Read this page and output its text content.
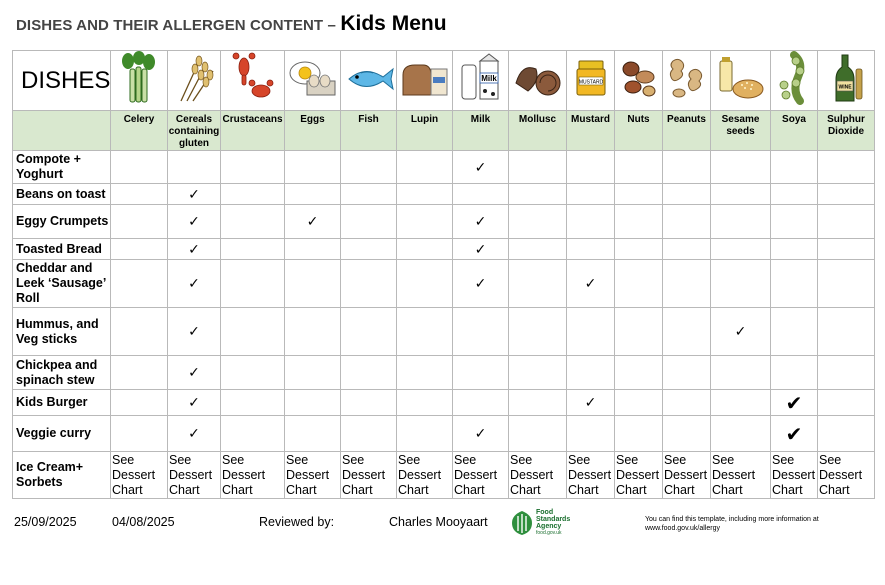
DISHES AND THEIR ALLERGEN CONTENT – Kids Menu
DISHES							Milk		MUSTARD					WINE

	Celery	Cereals containing gluten	Crustaceans	Eggs	Fish	Lupin	Milk	Mollusc	Mustard	Nuts	Peanuts	Sesame seeds	Soya	Sulphur Dioxide
Compote + Yoghurt							✓							
Beans on toast		✓												
Eggy Crumpets		✓		✓			✓							
Toasted Bread		✓					✓							
Cheddar and Leek ‘Sausage’ Roll		✓					✓		✓					
Hummus, and Veg sticks		✓										✓		
Chickpea and spinach stew		✓												
Kids Burger		✓							✓				✔	
Veggie curry		✓					✓						✔	
Ice Cream+ Sorbets	See Dessert Chart	See Dessert Chart	See Dessert Chart	See Dessert Chart	See Dessert Chart	See Dessert Chart	See Dessert Chart	See Dessert Chart	See Dessert Chart	See Dessert Chart	See Dessert Chart	See Dessert Chart	See Dessert Chart	See Dessert Chart
25/09/2025	04/08/2025	Reviewed by:	Charles Mooyaart
Food Standards Agency
food.gov.uk
You can find this template, including more information at
www.food.gov.uk/allergy
